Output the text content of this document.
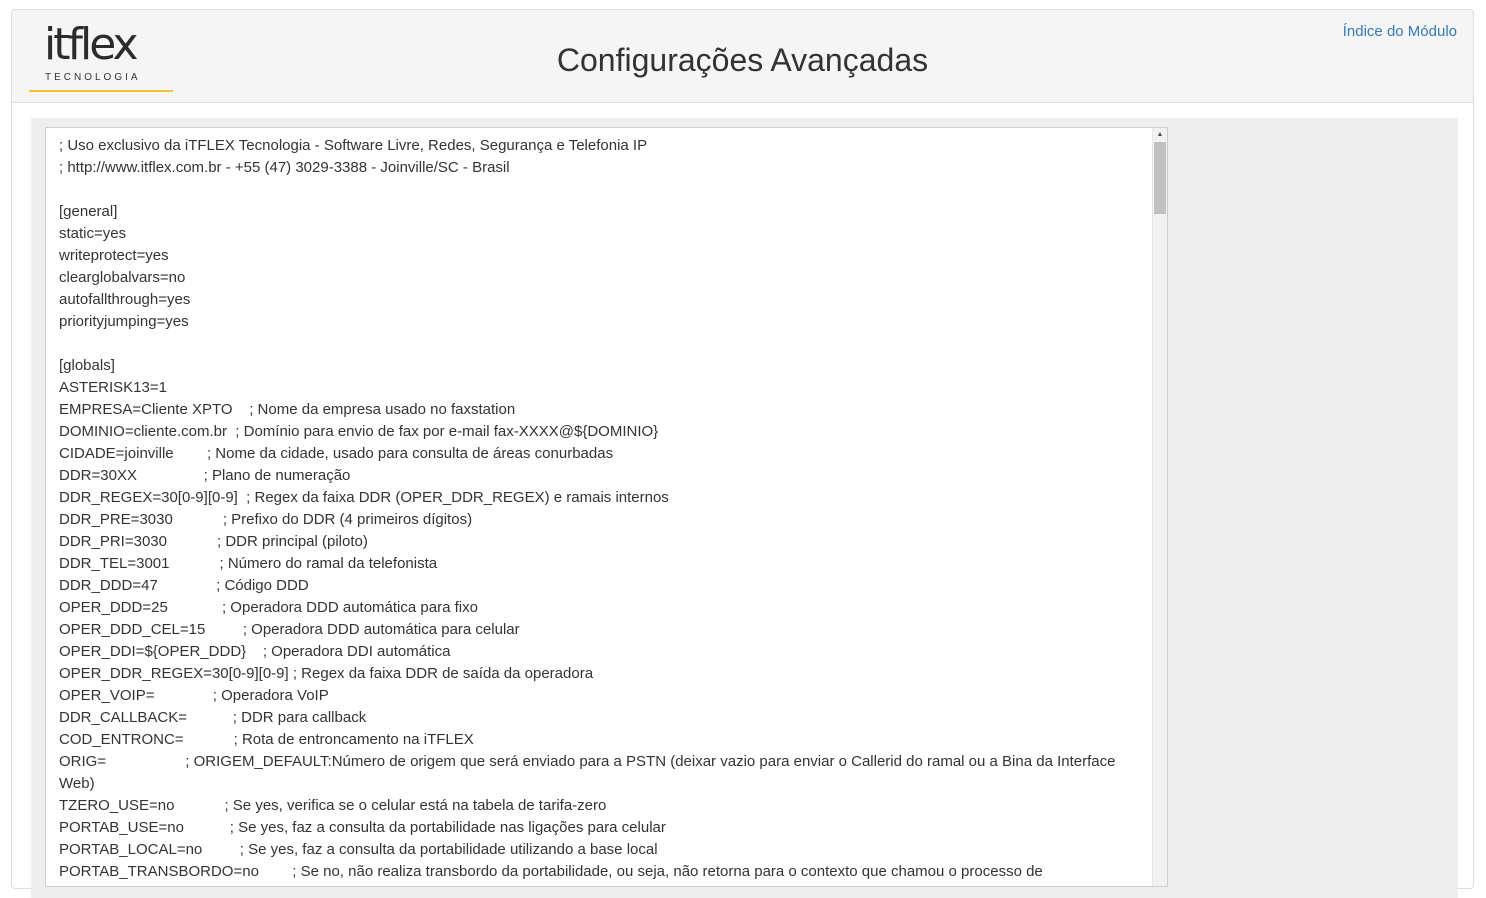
itflex
TECNOLOGIA	Configurações Avançadas
Índice do Módulo
; Uso exclusivo da iTFLEX Tecnologia - Software Livre, Redes, Segurança e Telefonia IP
; http://www.itflex.com.br - +55 (47) 3029-3388 - Joinville/SC - Brasil

[general]
static=yes
writeprotect=yes
clearglobalvars=no
autofallthrough=yes
priorityjumping=yes

[globals]
ASTERISK13=1
EMPRESA=Cliente XPTO    ; Nome da empresa usado no faxstation
DOMINIO=cliente.com.br  ; Domínio para envio de fax por e-mail fax-XXXX@${DOMINIO}
CIDADE=joinville        ; Nome da cidade, usado para consulta de áreas conurbadas
DDR=30XX                ; Plano de numeração
DDR_REGEX=30[0-9][0-9]  ; Regex da faixa DDR (OPER_DDR_REGEX) e ramais internos
DDR_PRE=3030            ; Prefixo do DDR (4 primeiros dígitos)
DDR_PRI=3030            ; DDR principal (piloto)
DDR_TEL=3001            ; Número do ramal da telefonista
DDR_DDD=47              ; Código DDD
OPER_DDD=25             ; Operadora DDD automática para fixo
OPER_DDD_CEL=15         ; Operadora DDD automática para celular
OPER_DDI=${OPER_DDD}    ; Operadora DDI automática
OPER_DDR_REGEX=30[0-9][0-9] ; Regex da faixa DDR de saída da operadora
OPER_VOIP=              ; Operadora VoIP
DDR_CALLBACK=           ; DDR para callback
COD_ENTRONC=            ; Rota de entroncamento na iTFLEX
ORIG=                   ; ORIGEM_DEFAULT:Número de origem que será enviado para a PSTN (deixar vazio para enviar o Callerid do ramal ou a Bina da Interface Web)
TZERO_USE=no            ; Se yes, verifica se o celular está na tabela de tarifa-zero
PORTAB_USE=no           ; Se yes, faz a consulta da portabilidade nas ligações para celular
PORTAB_LOCAL=no         ; Se yes, faz a consulta da portabilidade utilizando a base local
PORTAB_TRANSBORDO=no        ; Se no, não realiza transbordo da portabilidade, ou seja, não retorna para o contexto que chamou o processo de
▲
